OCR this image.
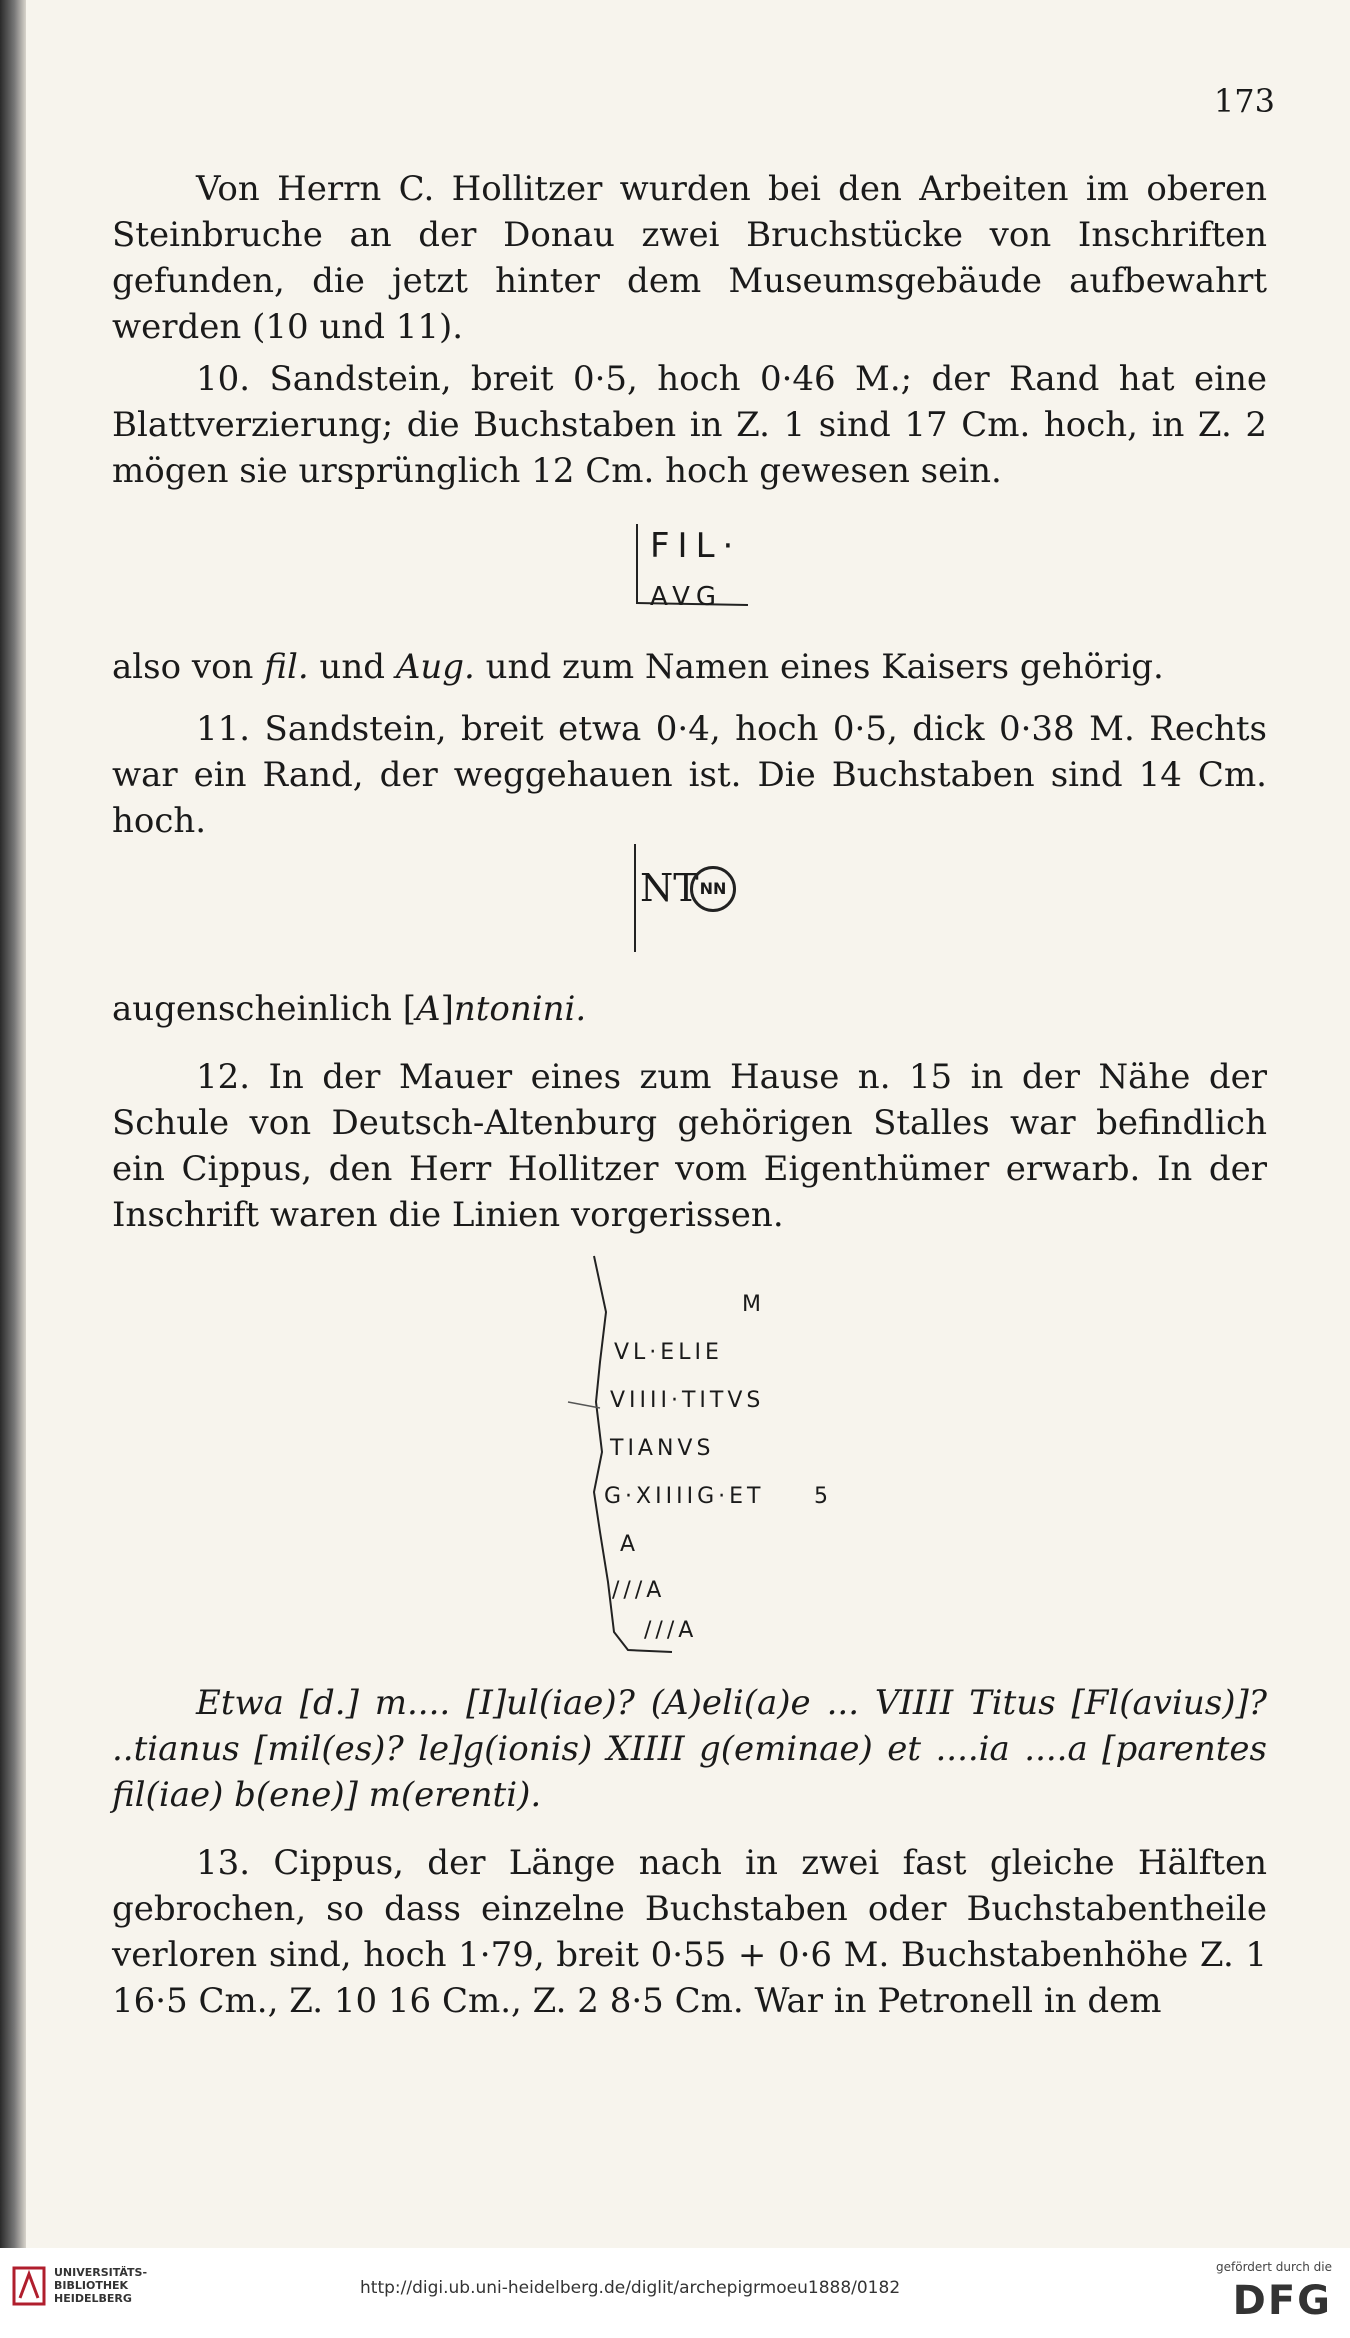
173

Von Herrn C. Hollitzer wurden bei den Arbeiten im oberen Steinbruche an der Donau zwei Bruchstücke von Inschriften gefunden, die jetzt hinter dem Museumsgebäude aufbewahrt werden (10 und 11).

10. Sandstein, breit 0·5, hoch 0·46 M.; der Rand hat eine Blattverzierung; die Buchstaben in Z. 1 sind 17 Cm. hoch, in Z. 2 mögen sie ursprünglich 12 Cm. hoch gewesen sein.

FIL·
AVG

also von fil. und Aug. und zum Namen eines Kaisers gehörig.

11. Sandstein, breit etwa 0·4, hoch 0·5, dick 0·38 M. Rechts war ein Rand, der weggehauen ist. Die Buchstaben sind 14 Cm. hoch.

NT NN

augenscheinlich [A]ntonini.

12. In der Mauer eines zum Hause n. 15 in der Nähe der Schule von Deutsch-Altenburg gehörigen Stalles war befindlich ein Cippus, den Herr Hollitzer vom Eigenthümer erwarb. In der Inschrift waren die Linien vorgerissen.

M
VL·ELIE
VIIII·TITVS
TIANVS
G·XIIIIG·ET 5
A
///A
///A

Etwa [d.] m.... [I]ul(iae)? (A)eli(a)e ... VIIII Titus [Fl(avius)]? ..tianus [mil(es)? le]g(ionis) XIIII g(eminae) et ....ia ....a [parentes fil(iae) b(ene)] m(erenti).

13. Cippus, der Länge nach in zwei fast gleiche Hälften gebrochen, so dass einzelne Buchstaben oder Buchstabentheile verloren sind, hoch 1·79, breit 0·55 + 0·6 M. Buchstabenhöhe Z. 1 16·5 Cm., Z. 10 16 Cm., Z. 2 8·5 Cm. War in Petronell in dem

UNIVERSITÄTS-
BIBLIOTHEK
HEIDELBERG
http://digi.ub.uni-heidelberg.de/diglit/archepigrmoeu1888/0182
gefördert durch die
DFG
